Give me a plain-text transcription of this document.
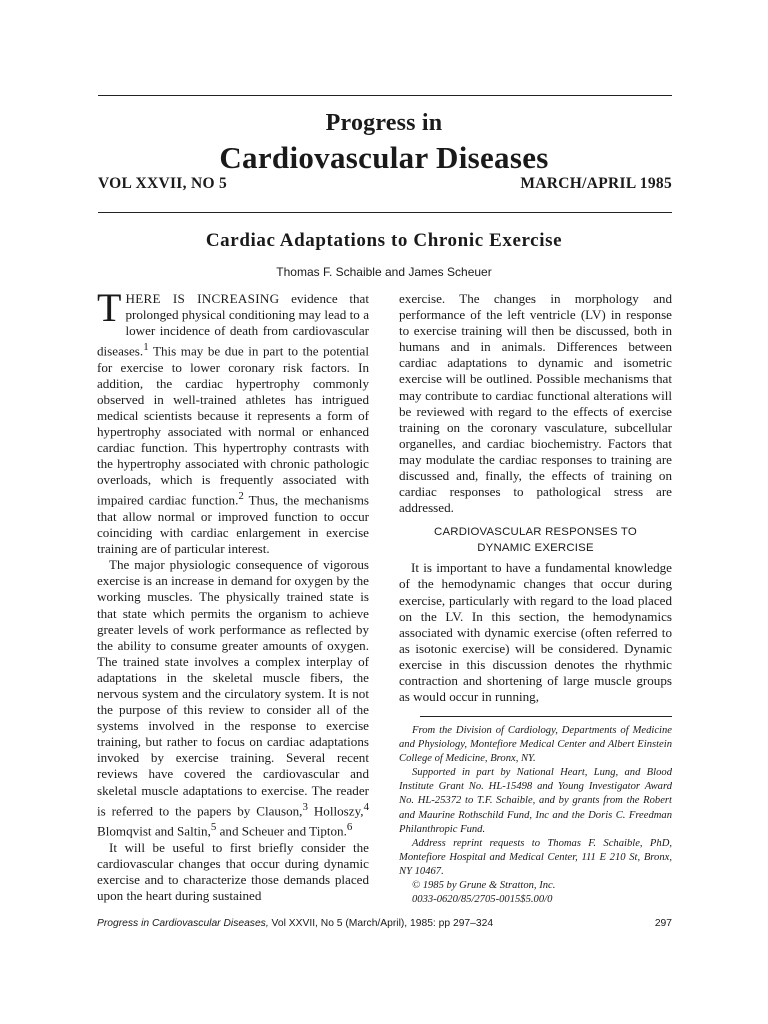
Progress in
Cardiovascular Diseases
VOL XXVII, NO 5	MARCH/APRIL 1985
Cardiac Adaptations to Chronic Exercise
Thomas F. Schaible and James Scheuer

THERE IS INCREASING evidence that prolonged physical conditioning may lead to a lower incidence of death from cardiovascular diseases.$^1$ This may be due in part to the potential for exercise to lower coronary risk factors. In addition, the cardiac hypertrophy commonly observed in well-trained athletes has intrigued medical scientists because it represents a form of hypertrophy associated with normal or enhanced cardiac function. This hypertrophy contrasts with the hypertrophy associated with chronic pathologic overloads, which is frequently associated with impaired cardiac function.$^2$ Thus, the mechanisms that allow normal or improved function to occur coinciding with cardiac enlargement in exercise training are of particular interest.

The major physiologic consequence of vigorous exercise is an increase in demand for oxygen by the working muscles. The physically trained state is that state which permits the organism to achieve greater levels of work performance as reflected by the ability to consume greater amounts of oxygen. The trained state involves a complex interplay of adaptations in the skeletal muscle fibers, the nervous system and the circulatory system. It is not the purpose of this review to consider all of the systems involved in the response to exercise training, but rather to focus on cardiac adaptations invoked by exercise training. Several recent reviews have covered the cardiovascular and skeletal muscle adaptations to exercise. The reader is referred to the papers by Clauson,$^3$ Holloszy,$^4$ Blomqvist and Saltin,$^5$ and Scheuer and Tipton.$^6$

It will be useful to first briefly consider the cardiovascular changes that occur during dynamic exercise and to characterize those demands placed upon the heart during sustained

exercise. The changes in morphology and performance of the left ventricle (LV) in response to exercise training will then be discussed, both in humans and in animals. Differences between cardiac adaptations to dynamic and isometric exercise will be outlined. Possible mechanisms that may contribute to cardiac functional alterations will be reviewed with regard to the effects of exercise training on the coronary vasculature, subcellular organelles, and cardiac biochemistry. Factors that may modulate the cardiac responses to training are discussed and, finally, the effects of training on cardiac responses to pathological stress are addressed.

CARDIOVASCULAR RESPONSES TO
DYNAMIC EXERCISE

It is important to have a fundamental knowledge of the hemodynamic changes that occur during exercise, particularly with regard to the load placed on the LV. In this section, the hemodynamics associated with dynamic exercise (often referred to as isotonic exercise) will be considered. Dynamic exercise in this discussion denotes the rhythmic contraction and shortening of large muscle groups as would occur in running,

From the Division of Cardiology, Departments of Medicine and Physiology, Montefiore Medical Center and Albert Einstein College of Medicine, Bronx, NY.

Supported in part by National Heart, Lung, and Blood Institute Grant No. HL-15498 and Young Investigator Award No. HL-25372 to T.F. Schaible, and by grants from the Robert and Maurine Rothschild Fund, Inc and the Doris C. Freedman Philanthropic Fund.

Address reprint requests to Thomas F. Schaible, PhD, Montefiore Hospital and Medical Center, 111 E 210 St, Bronx, NY 10467.

© 1985 by Grune & Stratton, Inc.

0033-0620/85/2705-0015$5.00/0

Progress in Cardiovascular Diseases, Vol XXVII, No 5 (March/April), 1985: pp 297–324	297
